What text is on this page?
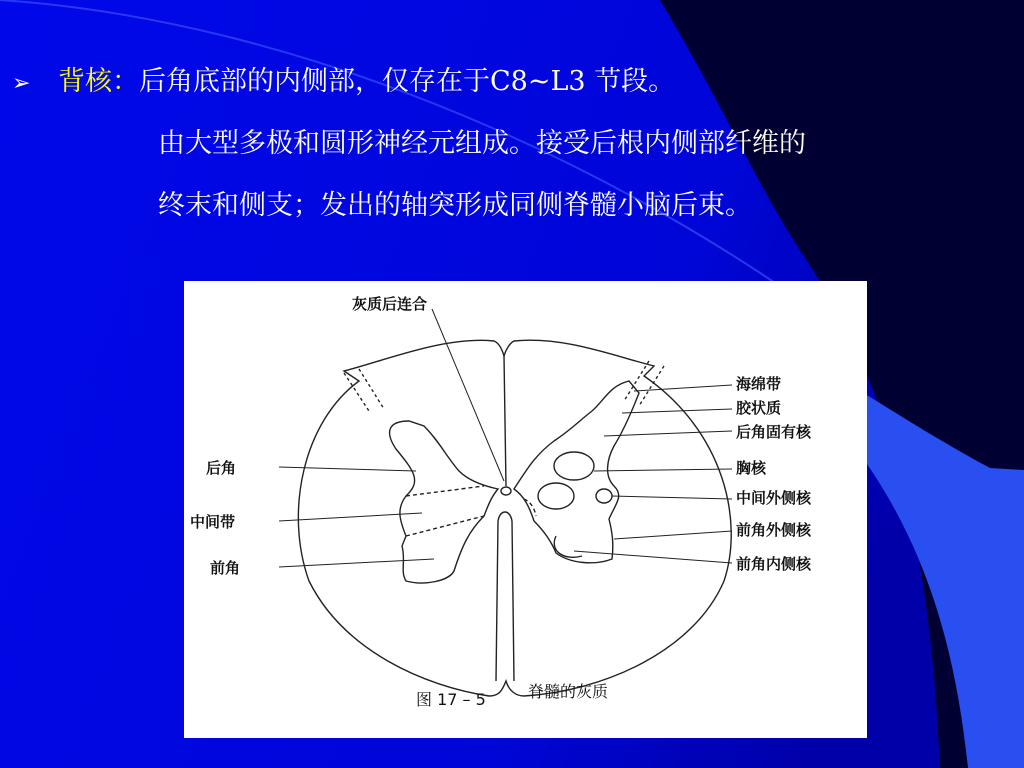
➢ 背核：后角底部的内侧部，仅存在于C8~L3 节段。
由大型多极和圆形神经元组成。接受后根内侧部纤维的
终末和侧支；发出的轴突形成同侧脊髓小脑后束。
灰质后连合
后角
中间带
前角
海绵带
胶状质
后角固有核
胸核
中间外侧核
前角外侧核
前角内侧核
图 17 – 5	脊髓的灰质
